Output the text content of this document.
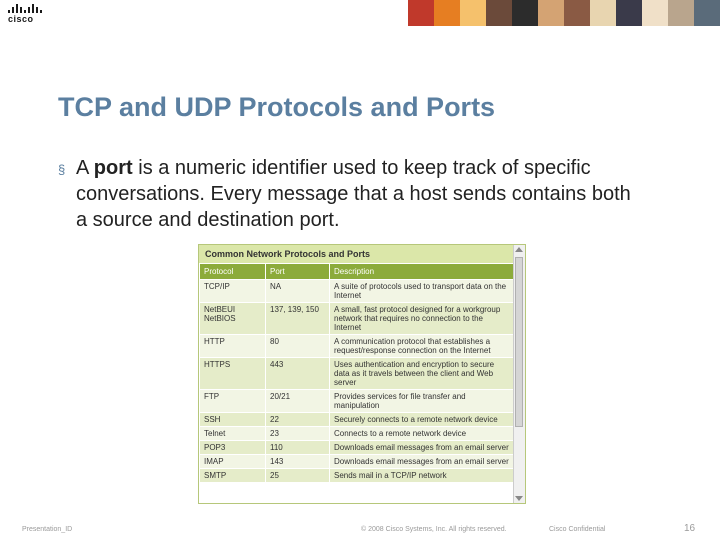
cisco
TCP and UDP Protocols and Ports
§ A port is a numeric identifier used to keep track of specific conversations. Every message that a host sends contains both a source and destination port.
Common Network Protocols and Ports
Protocol	Port	Description
TCP/IP	NA	A suite of protocols used to transport data on the Internet
NetBEUI NetBIOS	137, 139, 150	A small, fast protocol designed for a workgroup network that requires no connection to the Internet
HTTP	80	A communication protocol that establishes a request/response connection on the Internet
HTTPS	443	Uses authentication and encryption to secure data as it travels between the client and Web server
FTP	20/21	Provides services for file transfer and manipulation
SSH	22	Securely connects to a remote network device
Telnet	23	Connects to a remote network device
POP3	110	Downloads email messages from an email server
IMAP	143	Downloads email messages from an email server
SMTP	25	Sends mail in a TCP/IP network
Presentation_ID	© 2008 Cisco Systems, Inc. All rights reserved.	Cisco Confidential	16
